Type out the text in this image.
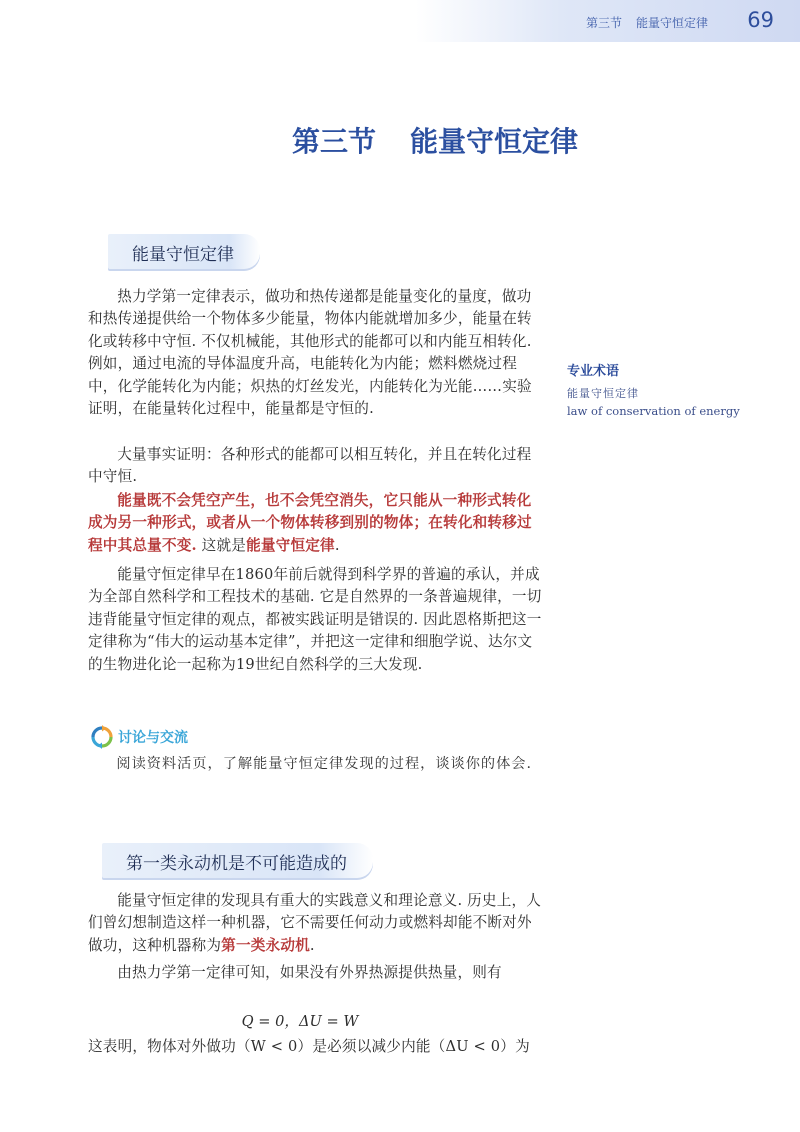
第三节 能量守恒定律 69
第三节 能量守恒定律
能量守恒定律
热力学第一定律表示，做功和热传递都是能量变化的量度，做功和热传递提供给一个物体多少能量，物体内能就增加多少，能量在转化或转移中守恒. 不仅机械能，其他形式的能都可以和内能互相转化. 例如，通过电流的导体温度升高，电能转化为内能；燃料燃烧过程中，化学能转化为内能；炽热的灯丝发光，内能转化为光能……实验证明，在能量转化过程中，能量都是守恒的.
大量事实证明：各种形式的能都可以相互转化，并且在转化过程中守恒.
能量既不会凭空产生，也不会凭空消失，它只能从一种形式转化成为另一种形式，或者从一个物体转移到别的物体；在转化和转移过程中其总量不变. 这就是能量守恒定律.
能量守恒定律早在1860年前后就得到科学界的普遍的承认，并成为全部自然科学和工程技术的基础. 它是自然界的一条普遍规律，一切违背能量守恒定律的观点，都被实践证明是错误的. 因此恩格斯把这一定律称为“伟大的运动基本定律”，并把这一定律和细胞学说、达尔文的生物进化论一起称为19世纪自然科学的三大发现.
专业术语
能量守恒定律
law of conservation of energy
讨论与交流
阅读资料活页，了解能量守恒定律发现的过程，谈谈你的体会.
第一类永动机是不可能造成的
能量守恒定律的发现具有重大的实践意义和理论意义. 历史上，人们曾幻想制造这样一种机器，它不需要任何动力或燃料却能不断对外做功，这种机器称为第一类永动机.
由热力学第一定律可知，如果没有外界热源提供热量，则有
Q = 0，ΔU = W
这表明，物体对外做功（W < 0）是必须以减少内能（ΔU < 0）为
